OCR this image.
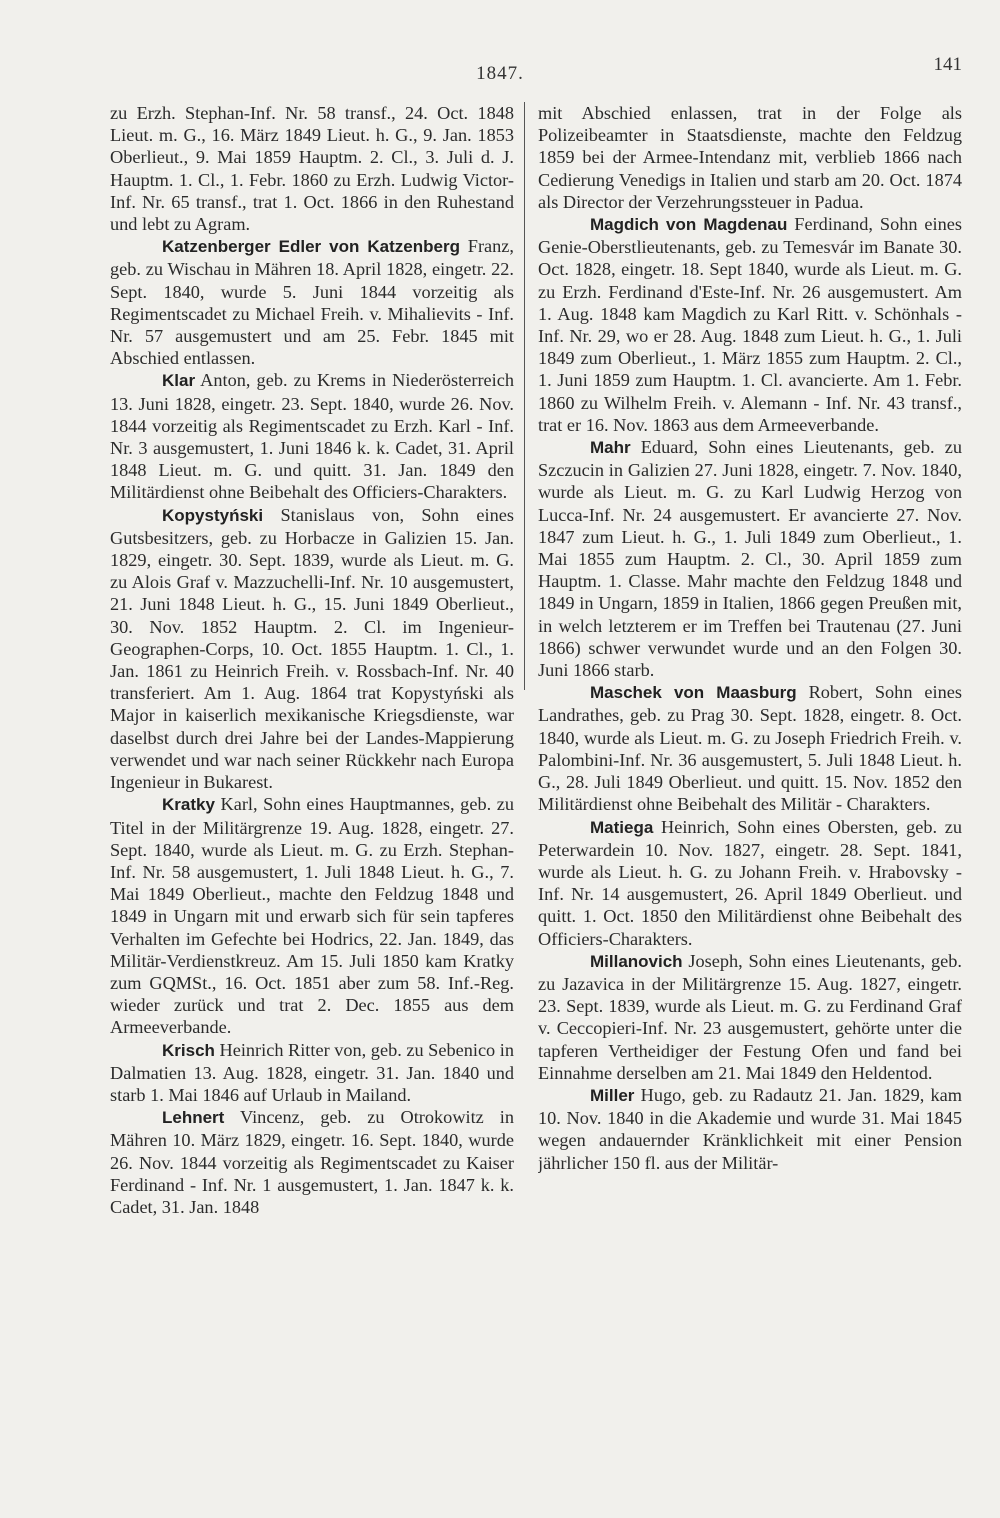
1847.	141

zu Erzh. Stephan-Inf. Nr. 58 transf., 24. Oct. 1848 Lieut. m. G., 16. März 1849 Lieut. h. G., 9. Jan. 1853 Oberlieut., 9. Mai 1859 Hauptm. 2. Cl., 3. Juli d. J. Hauptm. 1. Cl., 1. Febr. 1860 zu Erzh. Ludwig Victor-Inf. Nr. 65 transf., trat 1. Oct. 1866 in den Ruhestand und lebt zu Agram.

Katzenberger Edler von Katzenberg Franz, geb. zu Wischau in Mähren 18. April 1828, eingetr. 22. Sept. 1840, wurde 5. Juni 1844 vorzeitig als Regimentscadet zu Michael Freih. v. Mihalievits - Inf. Nr. 57 ausgemustert und am 25. Febr. 1845 mit Abschied entlassen.

Klar Anton, geb. zu Krems in Niederösterreich 13. Juni 1828, eingetr. 23. Sept. 1840, wurde 26. Nov. 1844 vorzeitig als Regimentscadet zu Erzh. Karl - Inf. Nr. 3 ausgemustert, 1. Juni 1846 k. k. Cadet, 31. April 1848 Lieut. m. G. und quitt. 31. Jan. 1849 den Militärdienst ohne Beibehalt des Officiers-Charakters.

Kopystyński Stanislaus von, Sohn eines Gutsbesitzers, geb. zu Horbacze in Galizien 15. Jan. 1829, eingetr. 30. Sept. 1839, wurde als Lieut. m. G. zu Alois Graf v. Mazzuchelli-Inf. Nr. 10 ausgemustert, 21. Juni 1848 Lieut. h. G., 15. Juni 1849 Oberlieut., 30. Nov. 1852 Hauptm. 2. Cl. im Ingenieur-Geographen-Corps, 10. Oct. 1855 Hauptm. 1. Cl., 1. Jan. 1861 zu Heinrich Freih. v. Rossbach-Inf. Nr. 40 transferiert. Am 1. Aug. 1864 trat Kopystyński als Major in kaiserlich mexikanische Kriegsdienste, war daselbst durch drei Jahre bei der Landes-Mappierung verwendet und war nach seiner Rückkehr nach Europa Ingenieur in Bukarest.

Kratky Karl, Sohn eines Hauptmannes, geb. zu Titel in der Militärgrenze 19. Aug. 1828, eingetr. 27. Sept. 1840, wurde als Lieut. m. G. zu Erzh. Stephan-Inf. Nr. 58 ausgemustert, 1. Juli 1848 Lieut. h. G., 7. Mai 1849 Oberlieut., machte den Feldzug 1848 und 1849 in Ungarn mit und erwarb sich für sein tapferes Verhalten im Gefechte bei Hodrics, 22. Jan. 1849, das Militär-Verdienstkreuz. Am 15. Juli 1850 kam Kratky zum GQMSt., 16. Oct. 1851 aber zum 58. Inf.-Reg. wieder zurück und trat 2. Dec. 1855 aus dem Armeeverbande.

Krisch Heinrich Ritter von, geb. zu Sebenico in Dalmatien 13. Aug. 1828, eingetr. 31. Jan. 1840 und starb 1. Mai 1846 auf Urlaub in Mailand.

Lehnert Vincenz, geb. zu Otrokowitz in Mähren 10. März 1829, eingetr. 16. Sept. 1840, wurde 26. Nov. 1844 vorzeitig als Regimentscadet zu Kaiser Ferdinand - Inf. Nr. 1 ausgemustert, 1. Jan. 1847 k. k. Cadet, 31. Jan. 1848

mit Abschied enlassen, trat in der Folge als Polizeibeamter in Staatsdienste, machte den Feldzug 1859 bei der Armee-Intendanz mit, verblieb 1866 nach Cedierung Venedigs in Italien und starb am 20. Oct. 1874 als Director der Verzehrungssteuer in Padua.

Magdich von Magdenau Ferdinand, Sohn eines Genie-Oberstlieutenants, geb. zu Temesvár im Banate 30. Oct. 1828, eingetr. 18. Sept 1840, wurde als Lieut. m. G. zu Erzh. Ferdinand d'Este-Inf. Nr. 26 ausgemustert. Am 1. Aug. 1848 kam Magdich zu Karl Ritt. v. Schönhals - Inf. Nr. 29, wo er 28. Aug. 1848 zum Lieut. h. G., 1. Juli 1849 zum Oberlieut., 1. März 1855 zum Hauptm. 2. Cl., 1. Juni 1859 zum Hauptm. 1. Cl. avancierte. Am 1. Febr. 1860 zu Wilhelm Freih. v. Alemann - Inf. Nr. 43 transf., trat er 16. Nov. 1863 aus dem Armeeverbande.

Mahr Eduard, Sohn eines Lieutenants, geb. zu Szczucin in Galizien 27. Juni 1828, eingetr. 7. Nov. 1840, wurde als Lieut. m. G. zu Karl Ludwig Herzog von Lucca-Inf. Nr. 24 ausgemustert. Er avancierte 27. Nov. 1847 zum Lieut. h. G., 1. Juli 1849 zum Oberlieut., 1. Mai 1855 zum Hauptm. 2. Cl., 30. April 1859 zum Hauptm. 1. Classe. Mahr machte den Feldzug 1848 und 1849 in Ungarn, 1859 in Italien, 1866 gegen Preußen mit, in welch letzterem er im Treffen bei Trautenau (27. Juni 1866) schwer verwundet wurde und an den Folgen 30. Juni 1866 starb.

Maschek von Maasburg Robert, Sohn eines Landrathes, geb. zu Prag 30. Sept. 1828, eingetr. 8. Oct. 1840, wurde als Lieut. m. G. zu Joseph Friedrich Freih. v. Palombini-Inf. Nr. 36 ausgemustert, 5. Juli 1848 Lieut. h. G., 28. Juli 1849 Oberlieut. und quitt. 15. Nov. 1852 den Militärdienst ohne Beibehalt des Militär - Charakters.

Matiega Heinrich, Sohn eines Obersten, geb. zu Peterwardein 10. Nov. 1827, eingetr. 28. Sept. 1841, wurde als Lieut. h. G. zu Johann Freih. v. Hrabovsky - Inf. Nr. 14 ausgemustert, 26. April 1849 Oberlieut. und quitt. 1. Oct. 1850 den Militärdienst ohne Beibehalt des Officiers-Charakters.

Millanovich Joseph, Sohn eines Lieutenants, geb. zu Jazavica in der Militärgrenze 15. Aug. 1827, eingetr. 23. Sept. 1839, wurde als Lieut. m. G. zu Ferdinand Graf v. Ceccopieri-Inf. Nr. 23 ausgemustert, gehörte unter die tapferen Vertheidiger der Festung Ofen und fand bei Einnahme derselben am 21. Mai 1849 den Heldentod.

Miller Hugo, geb. zu Radautz 21. Jan. 1829, kam 10. Nov. 1840 in die Akademie und wurde 31. Mai 1845 wegen andauernder Kränklichkeit mit einer Pension jährlicher 150 fl. aus der Militär-
